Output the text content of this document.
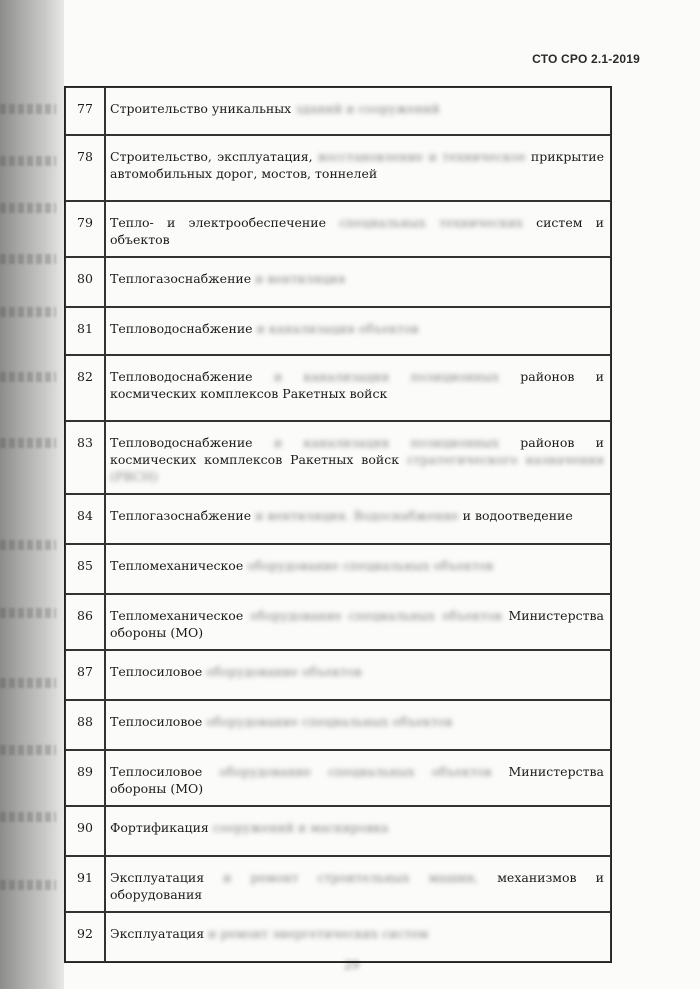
СТО СРО 2.1-2019
77	Строительство уникальных зданий и сооружений
78	Строительство, эксплуатация, восстановление и техническое прикрытие автомобильных дорог, мостов, тоннелей
79	Тепло- и электрообеспечение специальных технических систем и объектов
80	Теплогазоснабжение и вентиляция
81	Тепловодоснабжение и канализация объектов
82	Тепловодоснабжение и канализация позиционных районов и космических комплексов Ракетных войск
83	Тепловодоснабжение и канализация позиционных районов и космических комплексов Ракетных войск стратегического назначения (РВСН)
84	Теплогазоснабжение и вентиляция. Водоснабжение и водоотведение
85	Тепломеханическое оборудование специальных объектов
86	Тепломеханическое оборудование специальных объектов Министерства обороны (МО)
87	Теплосиловое оборудование объектов
88	Теплосиловое оборудование специальных объектов
89	Теплосиловое оборудование специальных объектов Министерства обороны (МО)
90	Фортификация сооружений и маскировка
91	Эксплуатация и ремонт строительных машин, механизмов и оборудования
92	Эксплуатация и ремонт энергетических систем
29
